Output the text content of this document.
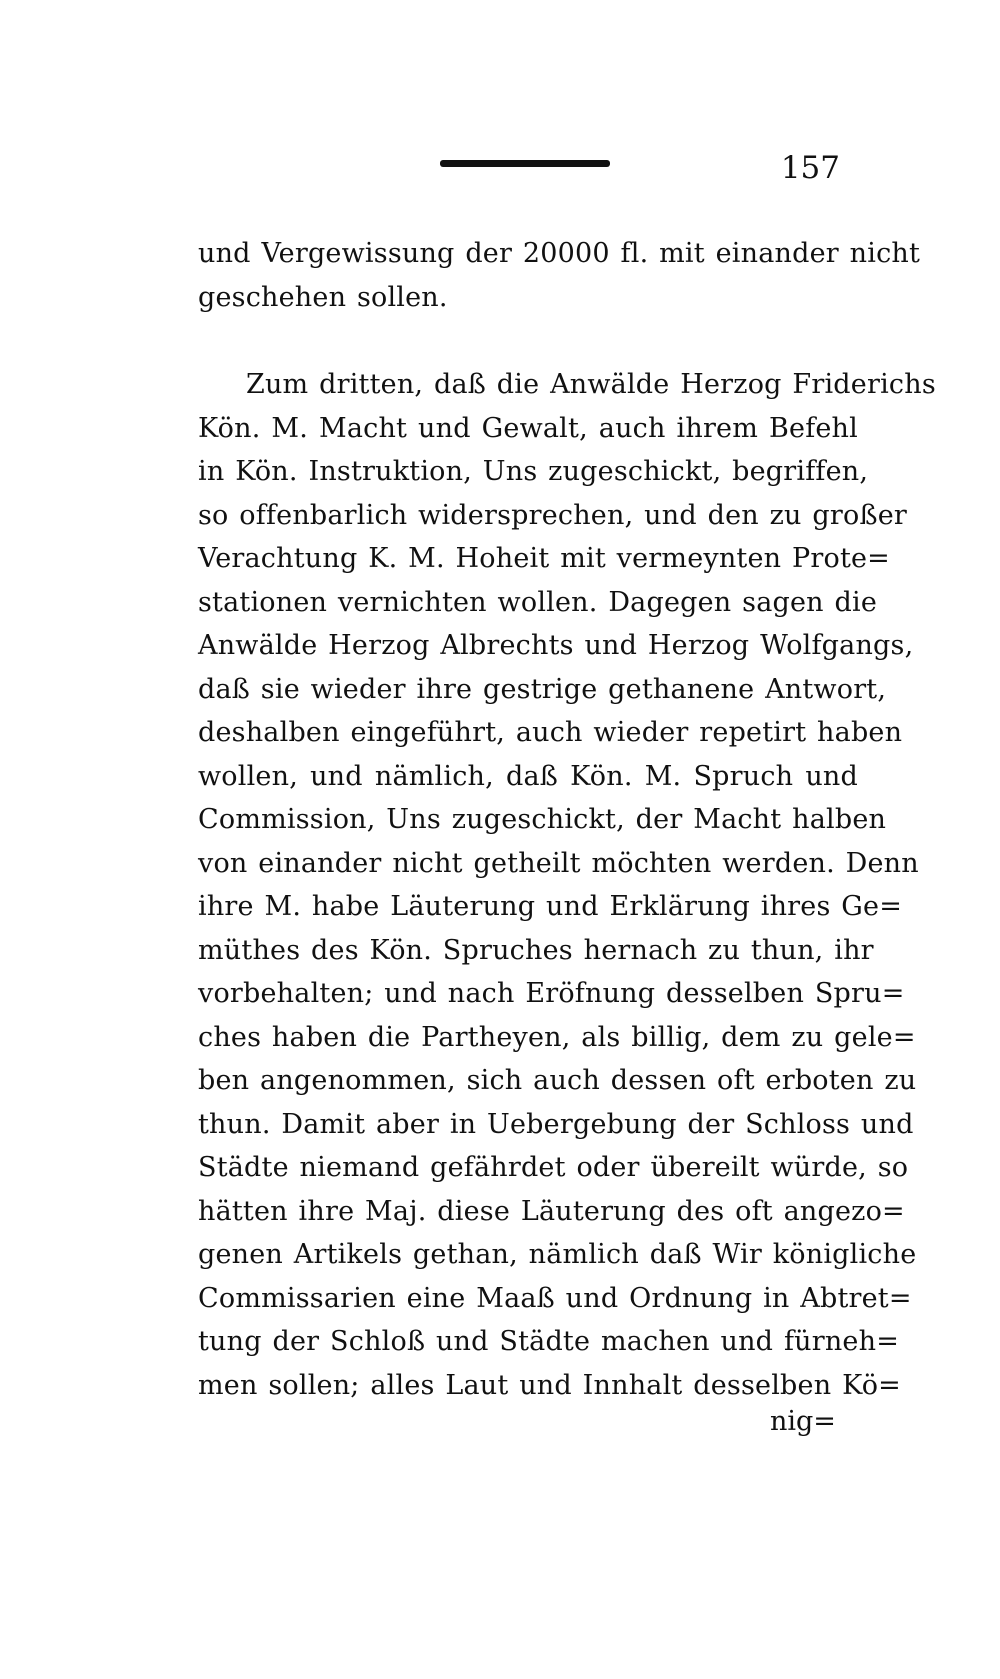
157
und Vergewissung der 20000 fl. mit einander nicht
geschehen sollen.
Zum dritten, daß die Anwälde Herzog Friderichs
Kön. M. Macht und Gewalt, auch ihrem Befehl
in Kön. Instruktion, Uns zugeschickt, begriffen,
so offenbarlich widersprechen, und den zu großer
Verachtung K. M. Hoheit mit vermeynten Prote=
stationen vernichten wollen. Dagegen sagen die
Anwälde Herzog Albrechts und Herzog Wolfgangs,
daß sie wieder ihre gestrige gethanene Antwort,
deshalben eingeführt, auch wieder repetirt haben
wollen, und nämlich, daß Kön. M. Spruch und
Commission, Uns zugeschickt, der Macht halben
von einander nicht getheilt möchten werden. Denn
ihre M. habe Läuterung und Erklärung ihres Ge=
müthes des Kön. Spruches hernach zu thun, ihr
vorbehalten; und nach Eröfnung desselben Spru=
ches haben die Partheyen, als billig, dem zu gele=
ben angenommen, sich auch dessen oft erboten zu
thun. Damit aber in Uebergebung der Schloss und
Städte niemand gefährdet oder übereilt würde, so
hätten ihre Maj. diese Läuterung des oft angezo=
genen Artikels gethan, nämlich daß Wir königliche
Commissarien eine Maaß und Ordnung in Abtret=
tung der Schloß und Städte machen und fürneh=
men sollen; alles Laut und Innhalt desselben Kö=
nig=
